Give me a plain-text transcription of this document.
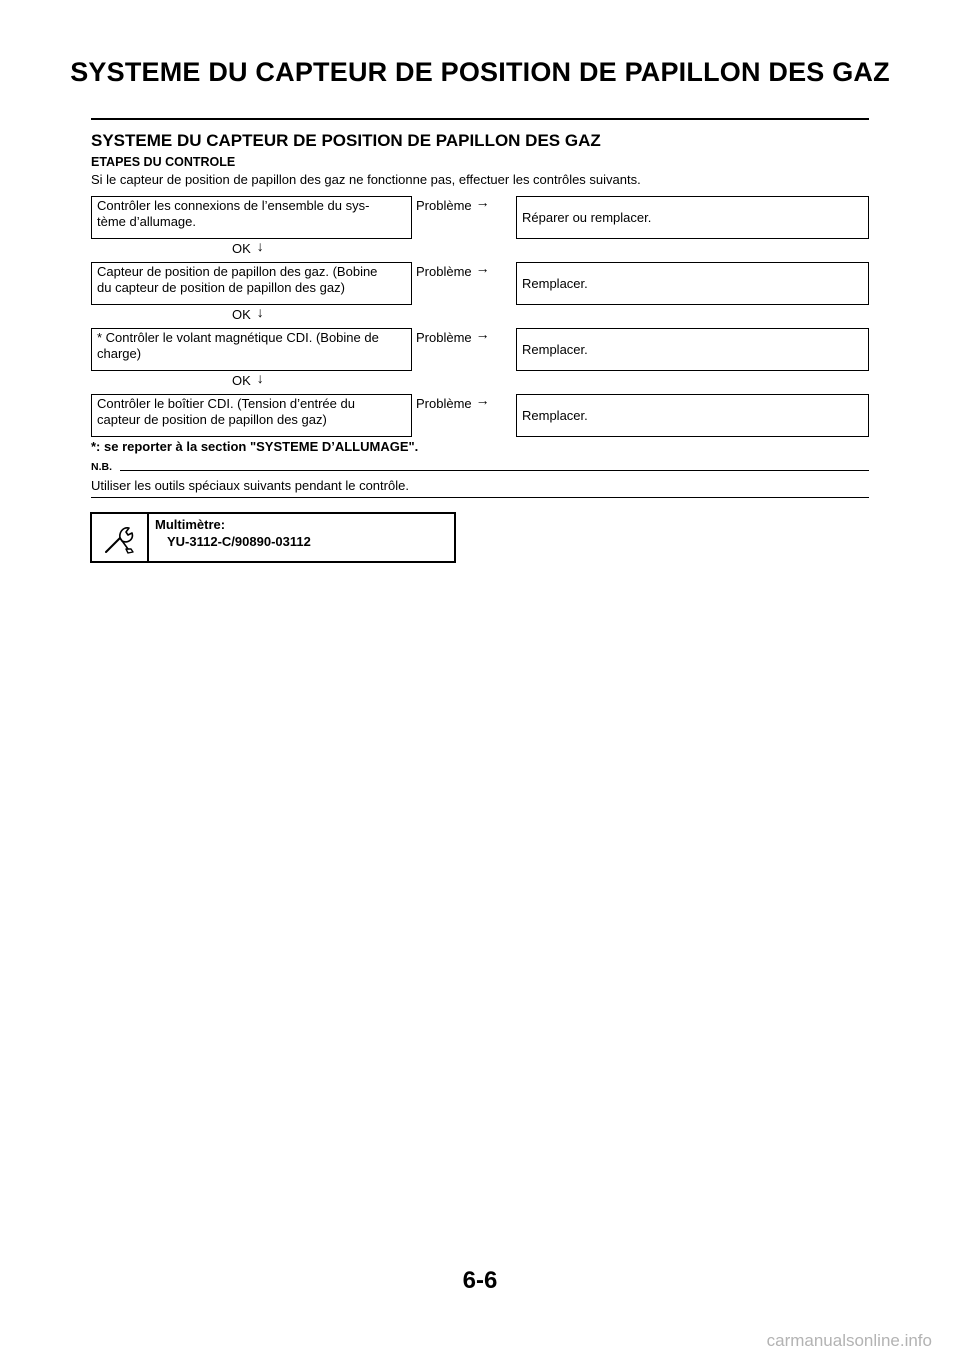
SYSTEME DU CAPTEUR DE POSITION DE PAPILLON DES GAZ
SYSTEME DU CAPTEUR DE POSITION DE PAPILLON DES GAZ
ETAPES DU CONTROLE
Si le capteur de position de papillon des gaz ne fonctionne pas, effectuer les contrôles suivants.
Contrôler les connexions de l’ensemble du sys-
tème d’allumage.
Problème →
Réparer ou remplacer.
OK ↓
Capteur de position de papillon des gaz. (Bobine
du capteur de position de papillon des gaz)
Problème →
Remplacer.
OK ↓
* Contrôler le volant magnétique CDI. (Bobine de
charge)
Problème →
Remplacer.
OK ↓
Contrôler le boîtier CDI. (Tension d’entrée du
capteur de position de papillon des gaz)
Problème →
Remplacer.
*: se reporter à la section "SYSTEME D’ALLUMAGE".
N.B.
Utiliser les outils spéciaux suivants pendant le contrôle.
Multimètre:
YU-3112-C/90890-03112
6-6
carmanualsonline.info
